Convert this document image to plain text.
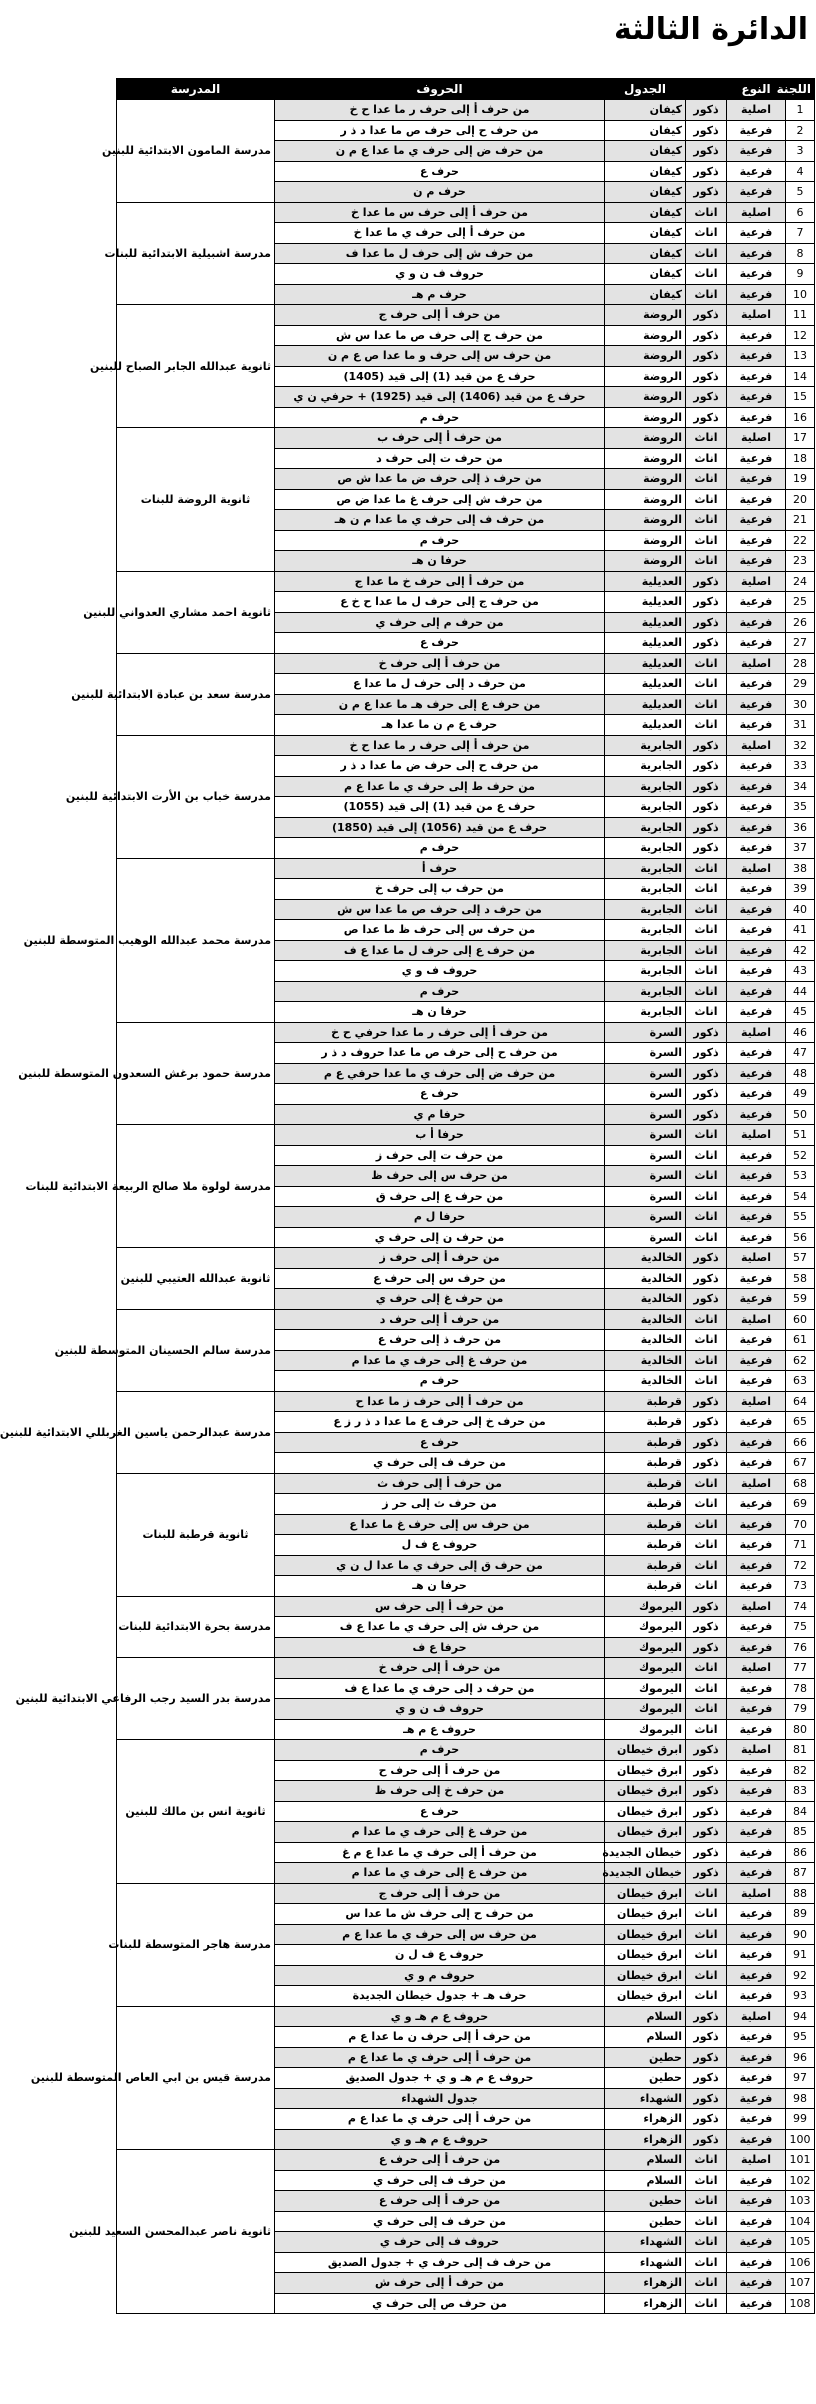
الدائرة الثالثة
اللجنة	النوع		الجدول	الحروف	المدرسة
1	اصلية	ذكور	كيفان	من حرف أ إلى حرف ر ما عدا ح خ	مدرسة المامون الابتدائية للبنين
2	فرعية	ذكور	كيفان	من حرف ح إلى حرف ص ما عدا د ذ ر	
3	فرعية	ذكور	كيفان	من حرف ض إلى حرف ي ما عدا ع م ن	
4	فرعية	ذكور	كيفان	حرف ع	
5	فرعية	ذكور	كيفان	حرف م ن	
6	اصلية	اناث	كيفان	من حرف أ إلى حرف س ما عدا خ	مدرسة اشبيلية الابتدائية للبنات
7	فرعية	اناث	كيفان	من حرف أ إلى حرف ي ما عدا خ	
8	فرعية	اناث	كيفان	من حرف ش إلى حرف ل ما عدا ف	
9	فرعية	اناث	كيفان	حروف ف ن و ي	
10	فرعية	اناث	كيفان	حرف م هـ	
11	اصلية	ذكور	الروضة	من حرف أ إلى حرف ج	ثانوية عبدالله الجابر الصباح للبنين
12	فرعية	ذكور	الروضة	من حرف ح إلى حرف ص ما عدا س ش	
13	فرعية	ذكور	الروضة	من حرف س إلى حرف و ما عدا ص ع م ن	
14	فرعية	ذكور	الروضة	حرف ع من قيد (1) إلى قيد (1405)	
15	فرعية	ذكور	الروضة	حرف ع من قيد (1406) إلى قيد (1925) + حرفي ن ي	
16	فرعية	ذكور	الروضة	حرف م	
17	اصلية	اناث	الروضة	من حرف أ إلى حرف ب	ثانوية الروضة للبنات
18	فرعية	اناث	الروضة	من حرف ت إلى حرف د	
19	فرعية	اناث	الروضة	من حرف ذ إلى حرف ض ما عدا ش ص	
20	فرعية	اناث	الروضة	من حرف ش إلى حرف غ ما عدا ض ص	
21	فرعية	اناث	الروضة	من حرف ف إلى حرف ي ما عدا م ن هـ	
22	فرعية	اناث	الروضة	حرف م	
23	فرعية	اناث	الروضة	حرفا ن هـ	
24	اصلية	ذكور	العديلية	من حرف أ إلى حرف خ ما عدا ج	ثانوية احمد مشاري العدواني للبنين
25	فرعية	ذكور	العديلية	من حرف ج إلى حرف ل ما عدا ح خ ع	
26	فرعية	ذكور	العديلية	من حرف م إلى حرف ي	
27	فرعية	ذكور	العديلية	حرف ع	
28	اصلية	اناث	العديلية	من حرف أ إلى حرف خ	مدرسة سعد بن عبادة الابتدائية للبنين
29	فرعية	اناث	العديلية	من حرف د إلى حرف ل ما عدا ع	
30	فرعية	اناث	العديلية	من حرف ع إلى حرف هـ ما عدا ع م ن	
31	فرعية	اناث	العديلية	حرف ع م ن ما عدا هـ	
32	اصلية	ذكور	الجابرية	من حرف أ إلى حرف ر ما عدا ح خ	مدرسة خباب بن الأرت الابتدائية للبنين
33	فرعية	ذكور	الجابرية	من حرف ح إلى حرف ض ما عدا د ذ ر	
34	فرعية	ذكور	الجابرية	من حرف ط إلى حرف ي ما عدا ع م	
35	فرعية	ذكور	الجابرية	حرف ع من قيد (1) إلى قيد (1055)	
36	فرعية	ذكور	الجابرية	حرف ع من قيد (1056) إلى قيد (1850)	
37	فرعية	ذكور	الجابرية	حرف م	
38	اصلية	اناث	الجابرية	حرف أ	مدرسة محمد عبدالله الوهيب المتوسطة للبنين
39	فرعية	اناث	الجابرية	من حرف ب إلى حرف خ	
40	فرعية	اناث	الجابرية	من حرف د إلى حرف ص ما عدا س ش	
41	فرعية	اناث	الجابرية	من حرف س إلى حرف ظ ما عدا ص	
42	فرعية	اناث	الجابرية	من حرف ع إلى حرف ل ما عدا ع ف	
43	فرعية	اناث	الجابرية	حروف ف و ي	
44	فرعية	اناث	الجابرية	حرف م	
45	فرعية	اناث	الجابرية	حرفا ن هـ	
46	اصلية	ذكور	السرة	من حرف أ إلى حرف ر ما عدا حرفي ح خ	مدرسة حمود برغش السعدون المتوسطة للبنين
47	فرعية	ذكور	السرة	من حرف ح إلى حرف ص ما عدا حروف د ذ ر	
48	فرعية	ذكور	السرة	من حرف ض إلى حرف ي ما عدا حرفي ع م	
49	فرعية	ذكور	السرة	حرف ع	
50	فرعية	ذكور	السرة	حرفا م ي	
51	اصلية	اناث	السرة	حرفا أ ب	مدرسة لولوة ملا صالح الربيعة الابتدائية للبنات
52	فرعية	اناث	السرة	من حرف ت إلى حرف ز	
53	فرعية	اناث	السرة	من حرف س إلى حرف ظ	
54	فرعية	اناث	السرة	من حرف ع إلى حرف ق	
55	فرعية	اناث	السرة	حرفا ل م	
56	فرعية	اناث	السرة	من حرف ن إلى حرف ي	
57	اصلية	ذكور	الخالدية	من حرف أ إلى حرف ز	ثانوية عبدالله العتيبي للبنين
58	فرعية	ذكور	الخالدية	من حرف س إلى حرف ع	
59	فرعية	ذكور	الخالدية	من حرف غ إلى حرف ي	
60	اصلية	اناث	الخالدية	من حرف أ إلى حرف د	مدرسة سالم الحسينان المتوسطة للبنين
61	فرعية	اناث	الخالدية	من حرف ذ إلى حرف ع	
62	فرعية	اناث	الخالدية	من حرف غ إلى حرف ي ما عدا م	
63	فرعية	اناث	الخالدية	حرف م	
64	اصلية	ذكور	قرطبة	من حرف أ إلى حرف ز ما عدا ح	مدرسة عبدالرحمن ياسين الغربللي الابتدائية للبنين
65	فرعية	ذكور	قرطبة	من حرف خ إلى حرف ع ما عدا د ذ ر ز ع	
66	فرعية	ذكور	قرطبة	حرف ع	
67	فرعية	ذكور	قرطبة	من حرف ف إلى حرف ي	
68	اصلية	اناث	قرطبة	من حرف أ إلى حرف ث	ثانوية قرطبة للبنات
69	فرعية	اناث	قرطبة	من حرف ث إلى حر ز	
70	فرعية	اناث	قرطبة	من حرف س إلى حرف غ ما عدا ع	
71	فرعية	اناث	قرطبة	حروف ع ف ل	
72	فرعية	اناث	قرطبة	من حرف ق إلى حرف ي ما عدا ل ن ي	
73	فرعية	اناث	قرطبة	حرفا ن هـ	
74	اصلية	ذكور	اليرموك	من حرف أ إلى حرف س	مدرسة بحرة الابتدائية للبنات
75	فرعية	ذكور	اليرموك	من حرف ش إلى حرف ي ما عدا ع ف	
76	فرعية	ذكور	اليرموك	حرفا ع ف	
77	اصلية	اناث	اليرموك	من حرف أ إلى حرف خ	مدرسة بدر السيد رجب الرفاعي الابتدائية للبنين
78	فرعية	اناث	اليرموك	من حرف د إلى حرف ي ما عدا ع ف	
79	فرعية	اناث	اليرموك	حروف ف ن و ي	
80	فرعية	اناث	اليرموك	حروف ع م هـ	
81	اصلية	ذكور	ابرق خيطان	حرف م	ثانوية انس بن مالك للبنين
82	فرعية	ذكور	ابرق خيطان	من حرف أ إلى حرف ح	
83	فرعية	ذكور	ابرق خيطان	من حرف خ إلى حرف ظ	
84	فرعية	ذكور	ابرق خيطان	حرف ع	
85	فرعية	ذكور	ابرق خيطان	من حرف غ إلى حرف ي ما عدا م	
86	فرعية	ذكور	خيطان الجديدة	من حرف أ إلى حرف ي ما عدا ع م غ	
87	فرعية	ذكور	خيطان الجديدة	من حرف ع إلى حرف ي ما عدا م	
88	اصلية	اناث	ابرق خيطان	من حرف أ إلى حرف ج	مدرسة هاجر المتوسطة للبنات
89	فرعية	اناث	ابرق خيطان	من حرف ح إلى حرف ش ما عدا س	
90	فرعية	اناث	ابرق خيطان	من حرف س إلى حرف ي ما عدا ع م	
91	فرعية	اناث	ابرق خيطان	حروف ع ف ل ن	
92	فرعية	اناث	ابرق خيطان	حروف م و ي	
93	فرعية	اناث	ابرق خيطان	حرف هـ + جدول خيطان الجديدة	
94	اصلية	ذكور	السلام	حروف ع م هـ و ي	مدرسة قيس بن ابي العاص المتوسطة للبنين
95	فرعية	ذكور	السلام	من حرف أ إلى حرف ن ما عدا ع م	
96	فرعية	ذكور	حطين	من حرف أ إلى حرف ي ما عدا ع م	
97	فرعية	ذكور	حطين	حروف ع م هـ و ي + جدول الصديق	
98	فرعية	ذكور	الشهداء	جدول الشهداء	
99	فرعية	ذكور	الزهراء	من حرف أ إلى حرف ي ما عدا ع م	
100	فرعية	ذكور	الزهراء	حروف ع م هـ و ي	
101	اصلية	اناث	السلام	من حرف أ إلى حرف ع	ثانوية ناصر عبدالمحسن السعيد للبنين
102	فرعية	اناث	السلام	من حرف ف إلى حرف ي	
103	فرعية	اناث	حطين	من حرف أ إلى حرف ع	
104	فرعية	اناث	حطين	من حرف ف إلى حرف ي	
105	فرعية	اناث	الشهداء	حروف ف إلى حرف ي	
106	فرعية	اناث	الشهداء	من حرف ف إلى حرف ي + جدول الصديق	
107	فرعية	اناث	الزهراء	من حرف أ إلى حرف ش	
108	فرعية	اناث	الزهراء	من حرف ص إلى حرف ي	
